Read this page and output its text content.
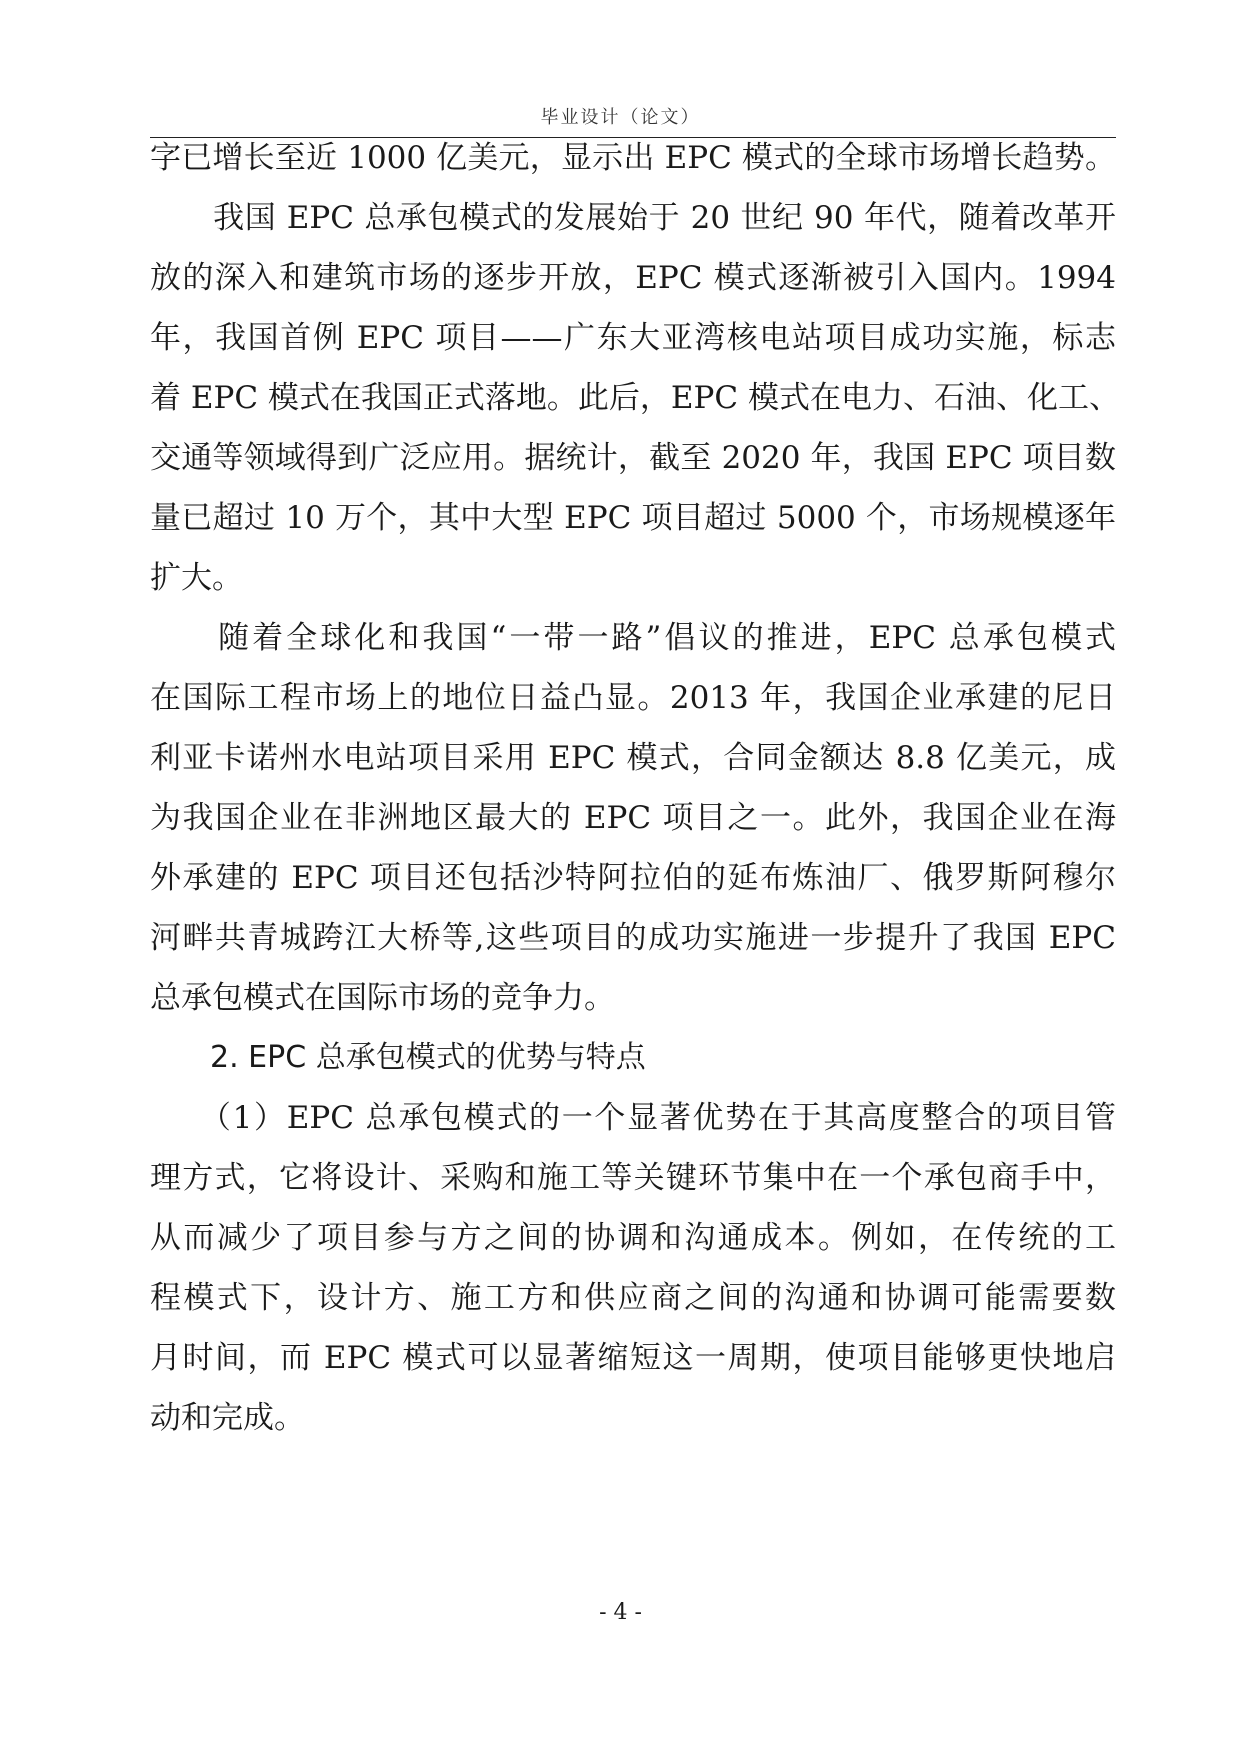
毕业设计（论文）
字已增长至近 1000 亿美元，显示出 EPC 模式的全球市场增长趋势。
　　我国 EPC 总承包模式的发展始于 20 世纪 90 年代，随着改革开
放的深入和建筑市场的逐步开放，EPC 模式逐渐被引入国内。1994
年，我国首例 EPC 项目——广东大亚湾核电站项目成功实施，标志
着 EPC 模式在我国正式落地。此后，EPC 模式在电力、石油、化工、
交通等领域得到广泛应用。据统计，截至 2020 年，我国 EPC 项目数
量已超过 10 万个，其中大型 EPC 项目超过 5000 个，市场规模逐年
扩大。
　　随着全球化和我国“一带一路”倡议的推进，EPC 总承包模式
在国际工程市场上的地位日益凸显。2013 年，我国企业承建的尼日
利亚卡诺州水电站项目采用 EPC 模式，合同金额达 8.8 亿美元，成
为我国企业在非洲地区最大的 EPC 项目之一。此外，我国企业在海
外承建的 EPC 项目还包括沙特阿拉伯的延布炼油厂、俄罗斯阿穆尔
河畔共青城跨江大桥等,这些项目的成功实施进一步提升了我国 EPC
总承包模式在国际市场的竞争力。
　　2. EPC 总承包模式的优势与特点
　　（1）EPC 总承包模式的一个显著优势在于其高度整合的项目管
理方式，它将设计、采购和施工等关键环节集中在一个承包商手中，
从而减少了项目参与方之间的协调和沟通成本。例如，在传统的工
程模式下，设计方、施工方和供应商之间的沟通和协调可能需要数
月时间，而 EPC 模式可以显著缩短这一周期，使项目能够更快地启
动和完成。
- 4 -
